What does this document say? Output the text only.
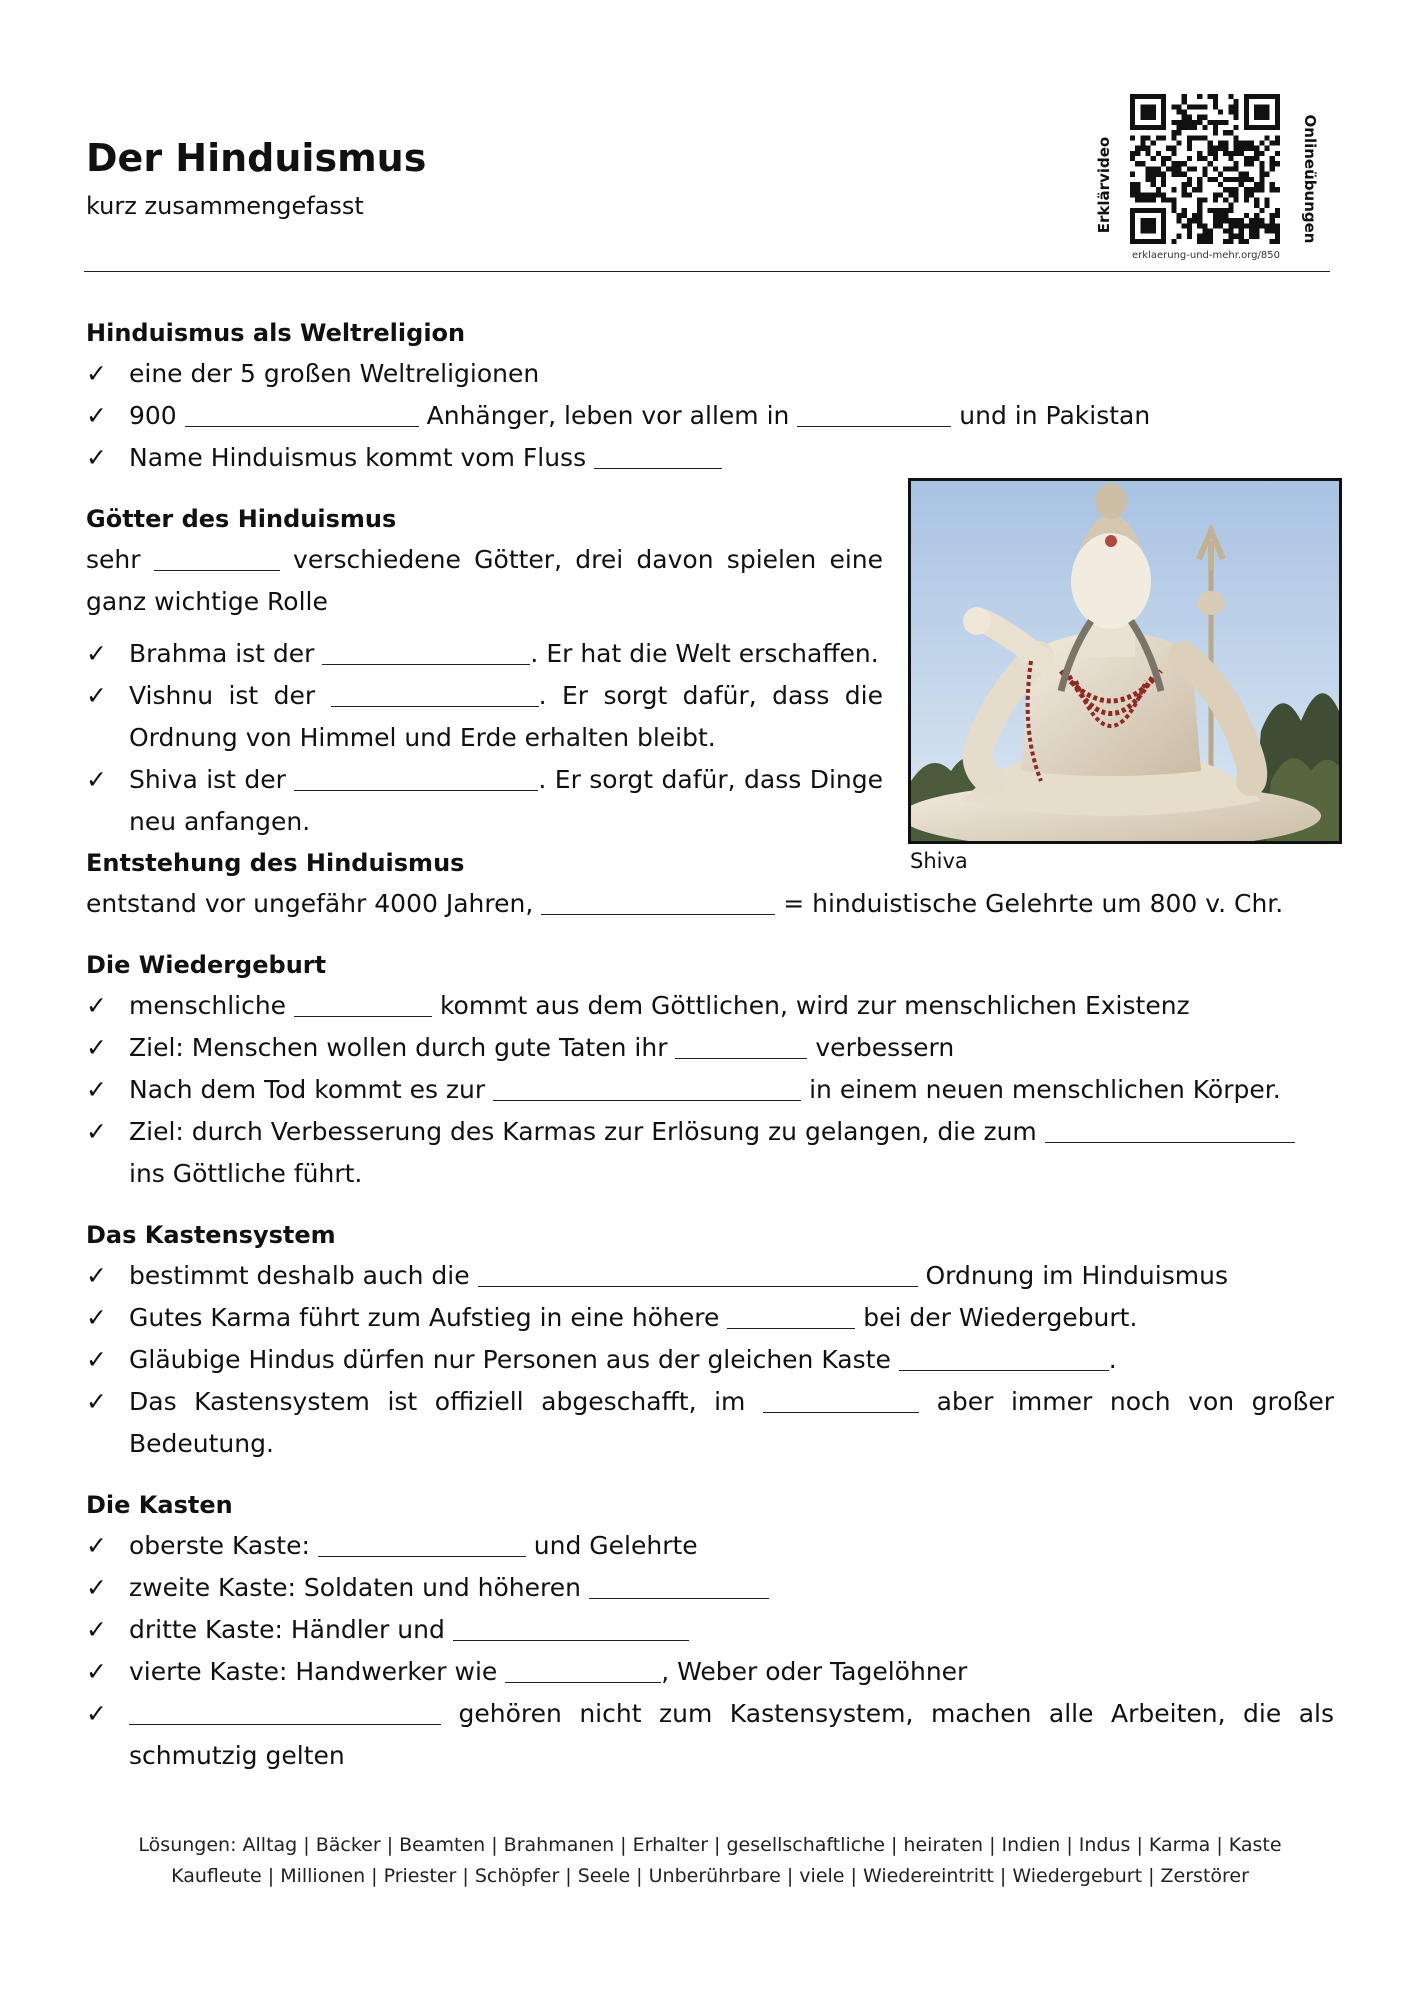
Der Hinduismus
kurz zusammengefasst	Erklärvideo
erklaerung-und-mehr.org/850
Onlineübungen
Hinduismus als Weltreligion
✓ eine der 5 großen Weltreligionen
✓ 900	Anhänger, leben vor allem in	und in Pakistan
✓ Name Hinduismus kommt vom Fluss
Götter des Hinduismus

sehr	verschiedene Götter, drei davon spielen eine ganz wichtige Rolle

✓ Brahma ist der	. Er hat die Welt erschaffen.
✓ Vishnu ist der	. Er sorgt dafür, dass die Ordnung von Himmel und Erde erhalten bleibt.
✓ Shiva ist der	. Er sorgt dafür, dass Dinge neu anfangen.
Entstehung des Hinduismus

entstand vor ungefähr 4000 Jahren,	= hinduistische Gelehrte um 800 v. Chr.

Die Wiedergeburt
✓ menschliche	kommt aus dem Göttlichen, wird zur menschlichen Existenz
✓ Ziel: Menschen wollen durch gute Taten ihr	verbessern
✓ Nach dem Tod kommt es zur	in einem neuen menschlichen Körper.
✓ Ziel: durch Verbesserung des Karmas zur Erlösung zu gelangen, die zum
ins Göttliche führt.
Das Kastensystem
✓ bestimmt deshalb auch die	Ordnung im Hinduismus
✓ Gutes Karma führt zum Aufstieg in eine höhere	bei der Wiedergeburt.
✓ Gläubige Hindus dürfen nur Personen aus der gleichen Kaste	.
✓ Das Kastensystem ist offiziell abgeschafft, im	aber immer noch von großer Bedeutung.
Die Kasten
✓ oberste Kaste:	und Gelehrte
✓ zweite Kaste: Soldaten und höheren
✓ dritte Kaste: Händler und
✓ vierte Kaste: Handwerker wie	, Weber oder Tagelöhner
✓	gehören nicht zum Kastensystem, machen alle Arbeiten, die als schmutzig gelten
Shiva
Lösungen: Alltag | Bäcker | Beamten | Brahmanen | Erhalter | gesellschaftliche | heiraten | Indien | Indus | Karma | Kaste
Kaufleute | Millionen | Priester | Schöpfer | Seele | Unberührbare | viele | Wiedereintritt | Wiedergeburt | Zerstörer
